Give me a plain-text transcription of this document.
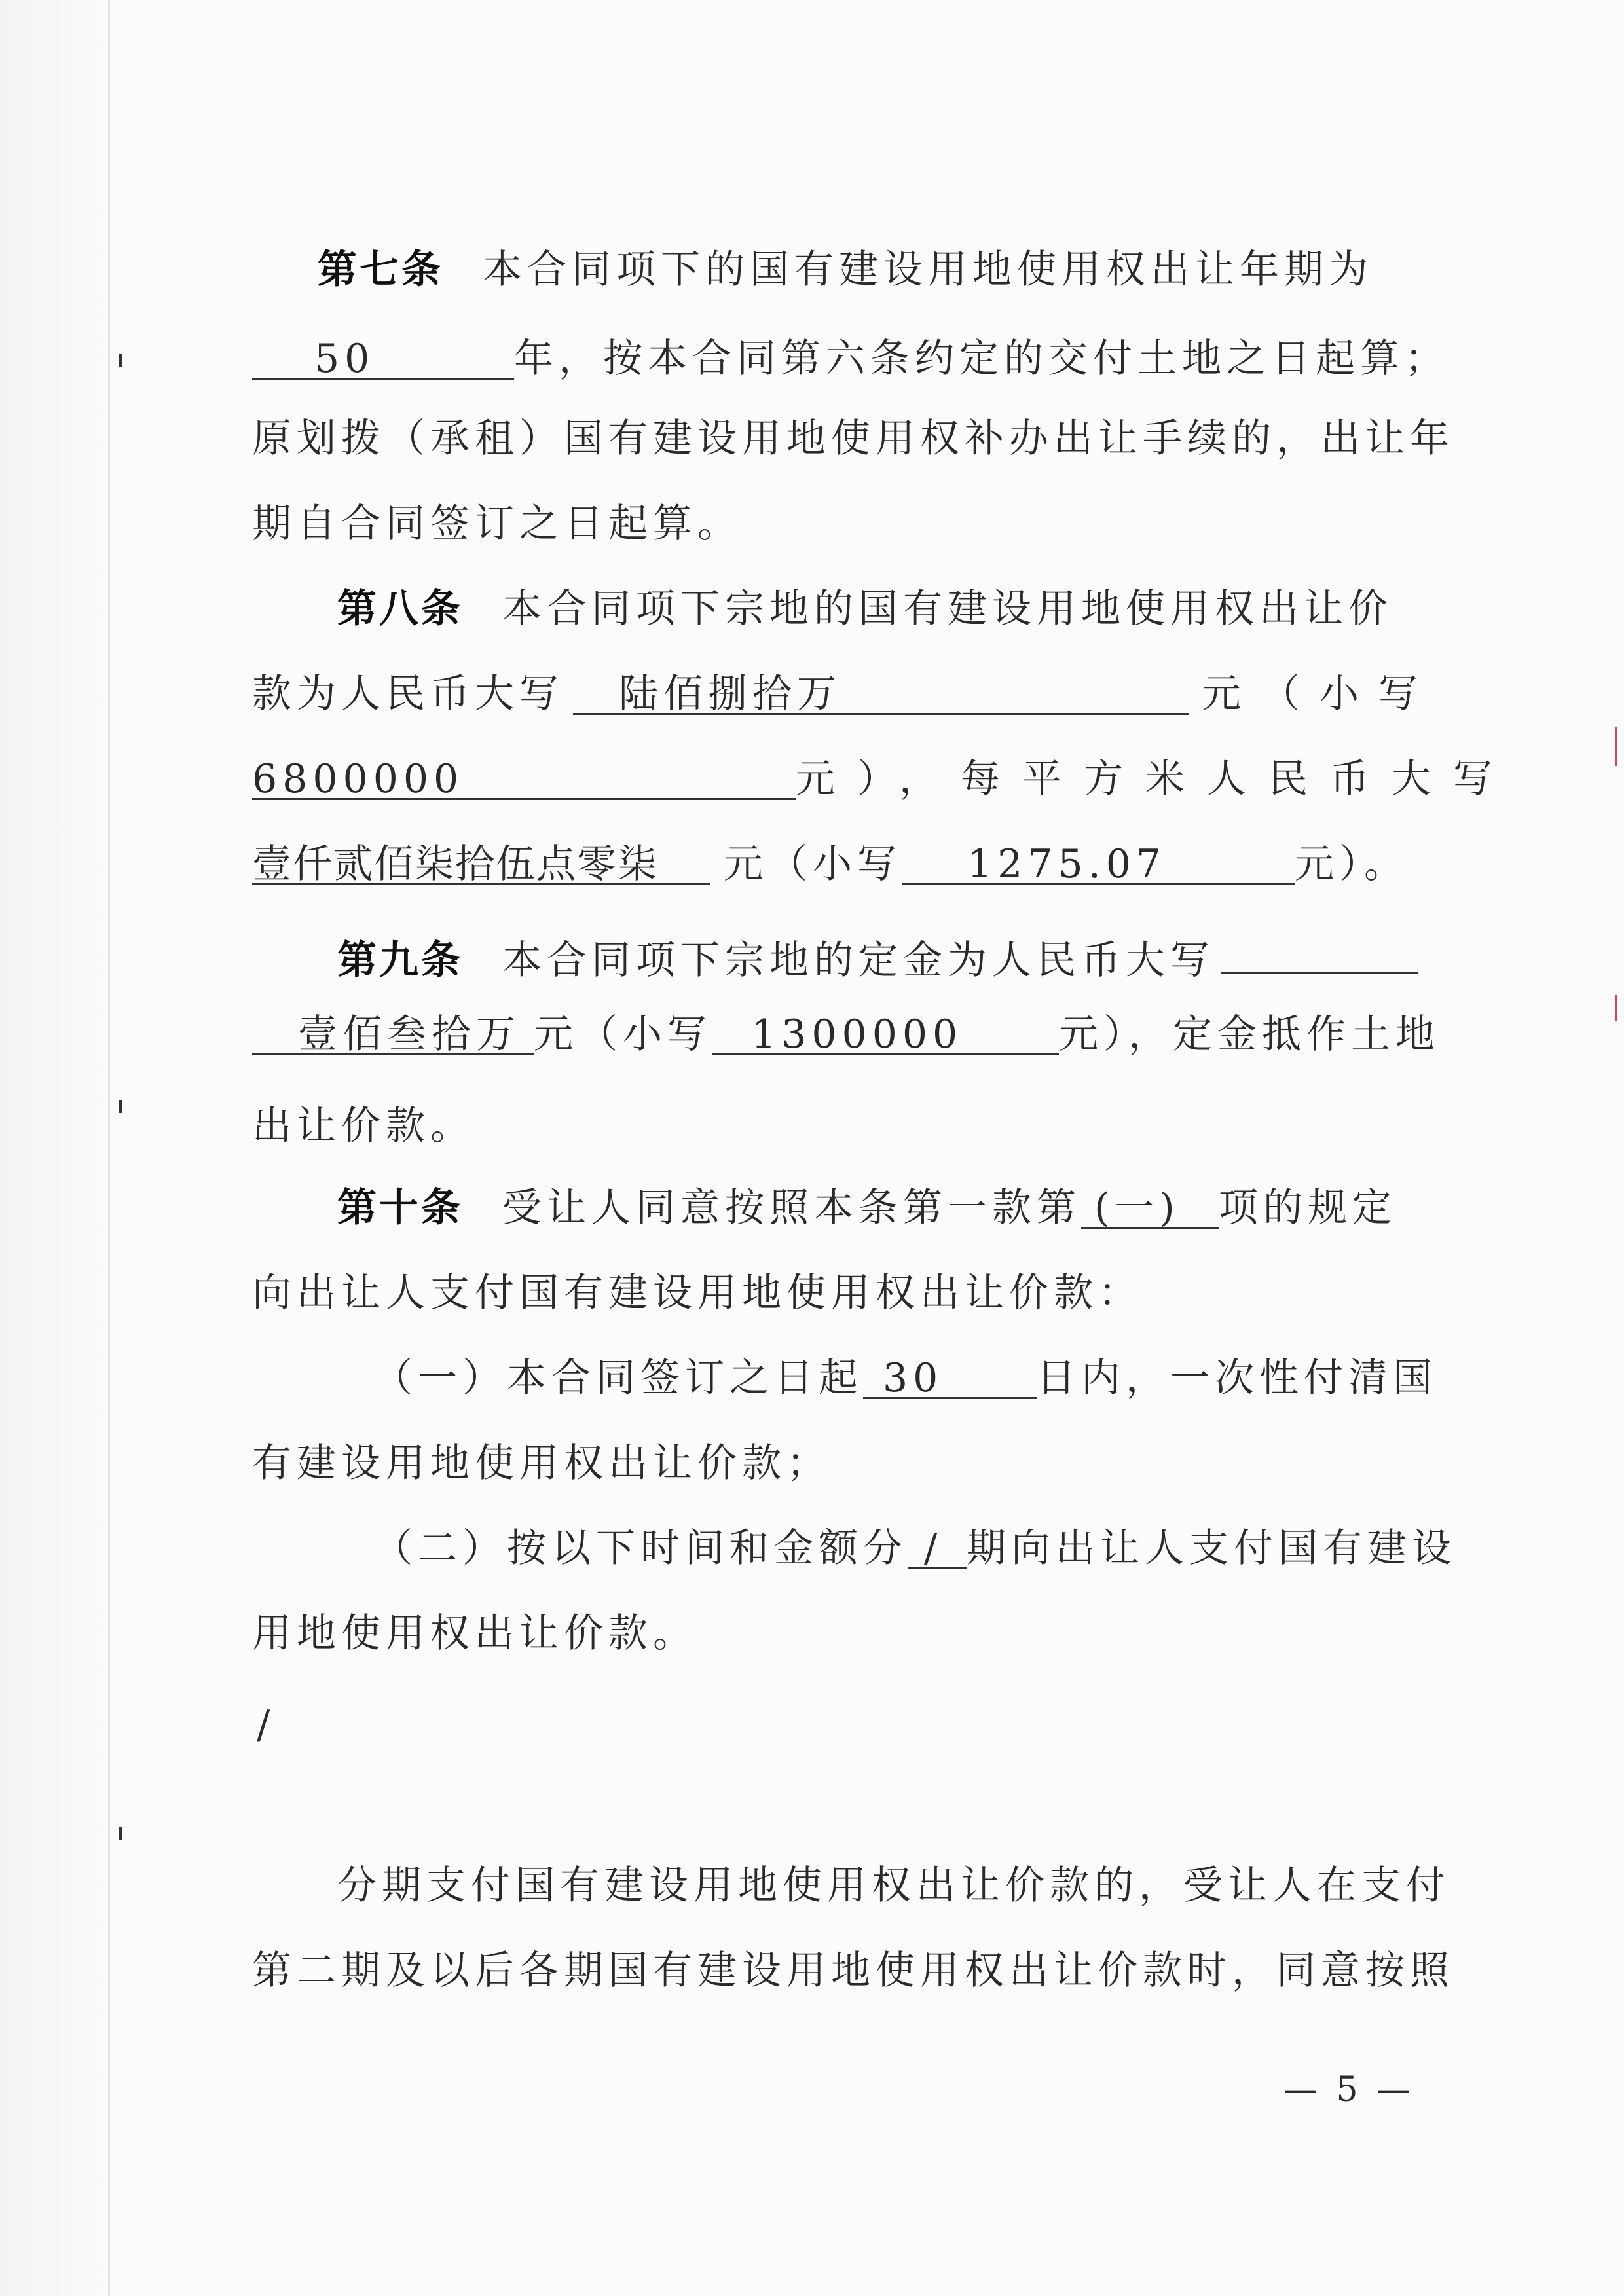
第七条 本合同项下的国有建设用地使用权出让年期为
50	年，按本合同第六条约定的交付土地之日起算；
原划拨（承租）国有建设用地使用权补办出让手续的，出让年
期自合同签订之日起算。
第八条 本合同项下宗地的国有建设用地使用权出让价
款为人民币大写 陆佰捌拾万	元（小写
6800000	元），每平方米人民币大写
壹仟贰佰柒拾伍点零柒 元（小写 1275.07	元）。
第九条 本合同项下宗地的定金为人民币大写
壹佰叁拾万 元（小写 1300000 元），定金抵作土地
出让价款。
第十条 受让人同意按照本条第一款第 (一) 项的规定
向出让人支付国有建设用地使用权出让价款：
（一）本合同签订之日起 30 日内，一次性付清国
有建设用地使用权出让价款；
（二）按以下时间和金额分 / 期向出让人支付国有建设
用地使用权出让价款。
/
分期支付国有建设用地使用权出让价款的，受让人在支付
第二期及以后各期国有建设用地使用权出让价款时，同意按照
— 5 —
